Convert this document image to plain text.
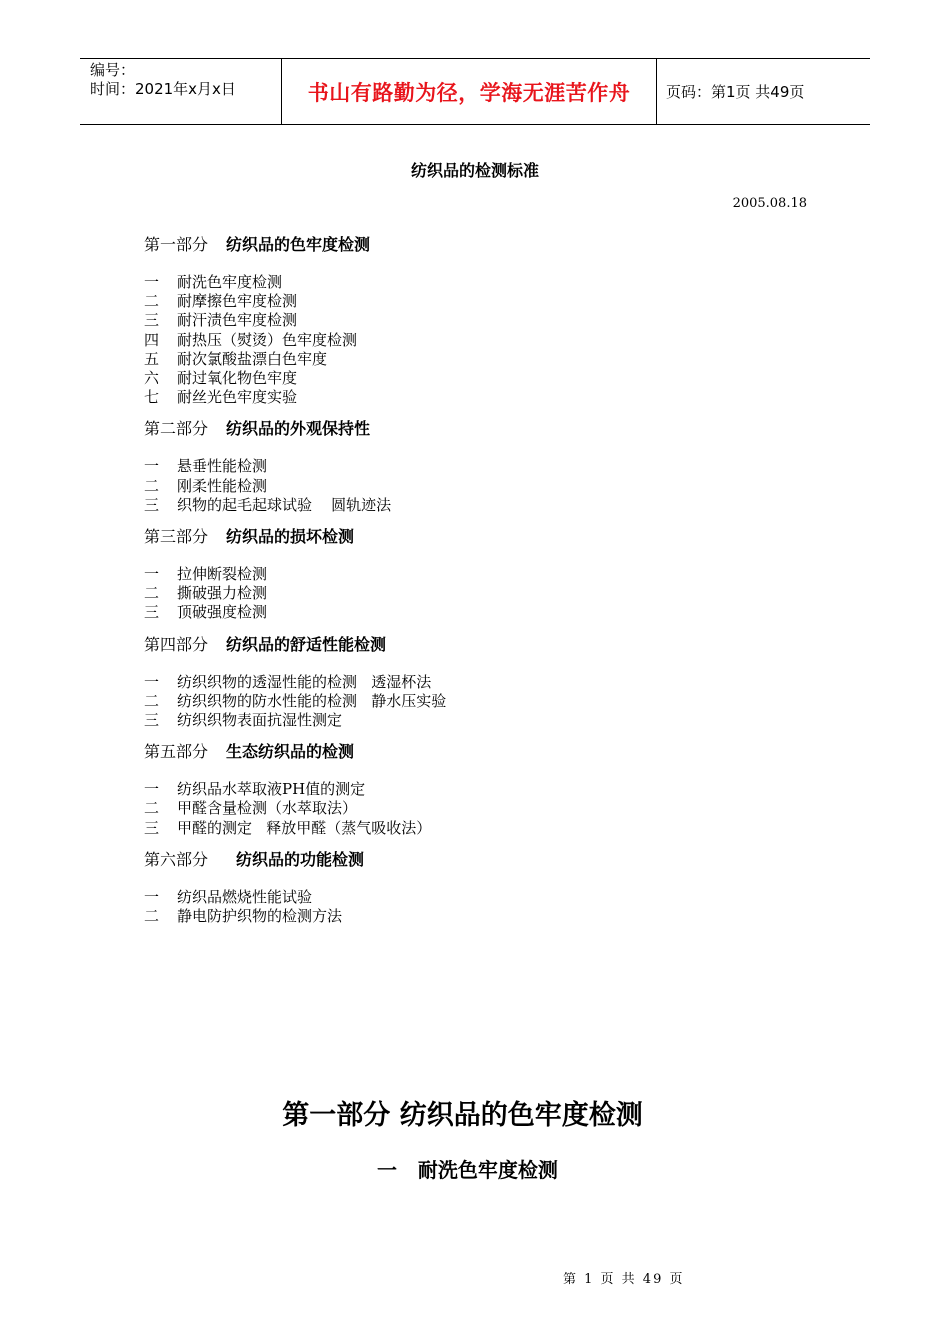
编号：
时间：2021年x月x日	书山有路勤为径，学海无涯苦作舟	页码：第1页 共49页
纺织品的检测标准
2005.08.18
第一部分 纺织品的色牢度检测
一 耐洗色牢度检测
二 耐摩擦色牢度检测
三 耐汗渍色牢度检测
四 耐热压（熨烫）色牢度检测
五 耐次氯酸盐漂白色牢度
六 耐过氧化物色牢度
七 耐丝光色牢度实验
第二部分 纺织品的外观保持性
一 悬垂性能检测
二 刚柔性能检测
三 织物的起毛起球试验    圆轨迹法
第三部分 纺织品的损坏检测
一 拉伸断裂检测
二 撕破强力检测
三 顶破强度检测
第四部分 纺织品的舒适性能检测
一 纺织织物的透湿性能的检测   透湿杯法
二 纺织织物的防水性能的检测   静水压实验
三 纺织织物表面抗湿性测定
第五部分 生态纺织品的检测
一 纺织品水萃取液PH值的测定
二 甲醛含量检测（水萃取法）
三 甲醛的测定   释放甲醛（蒸气吸收法）
第六部分 纺织品的功能检测
一 纺织品燃烧性能试验
二 静电防护织物的检测方法
第一部分 纺织品的色牢度检测
一   耐洗色牢度检测
第 1 页 共 49 页
